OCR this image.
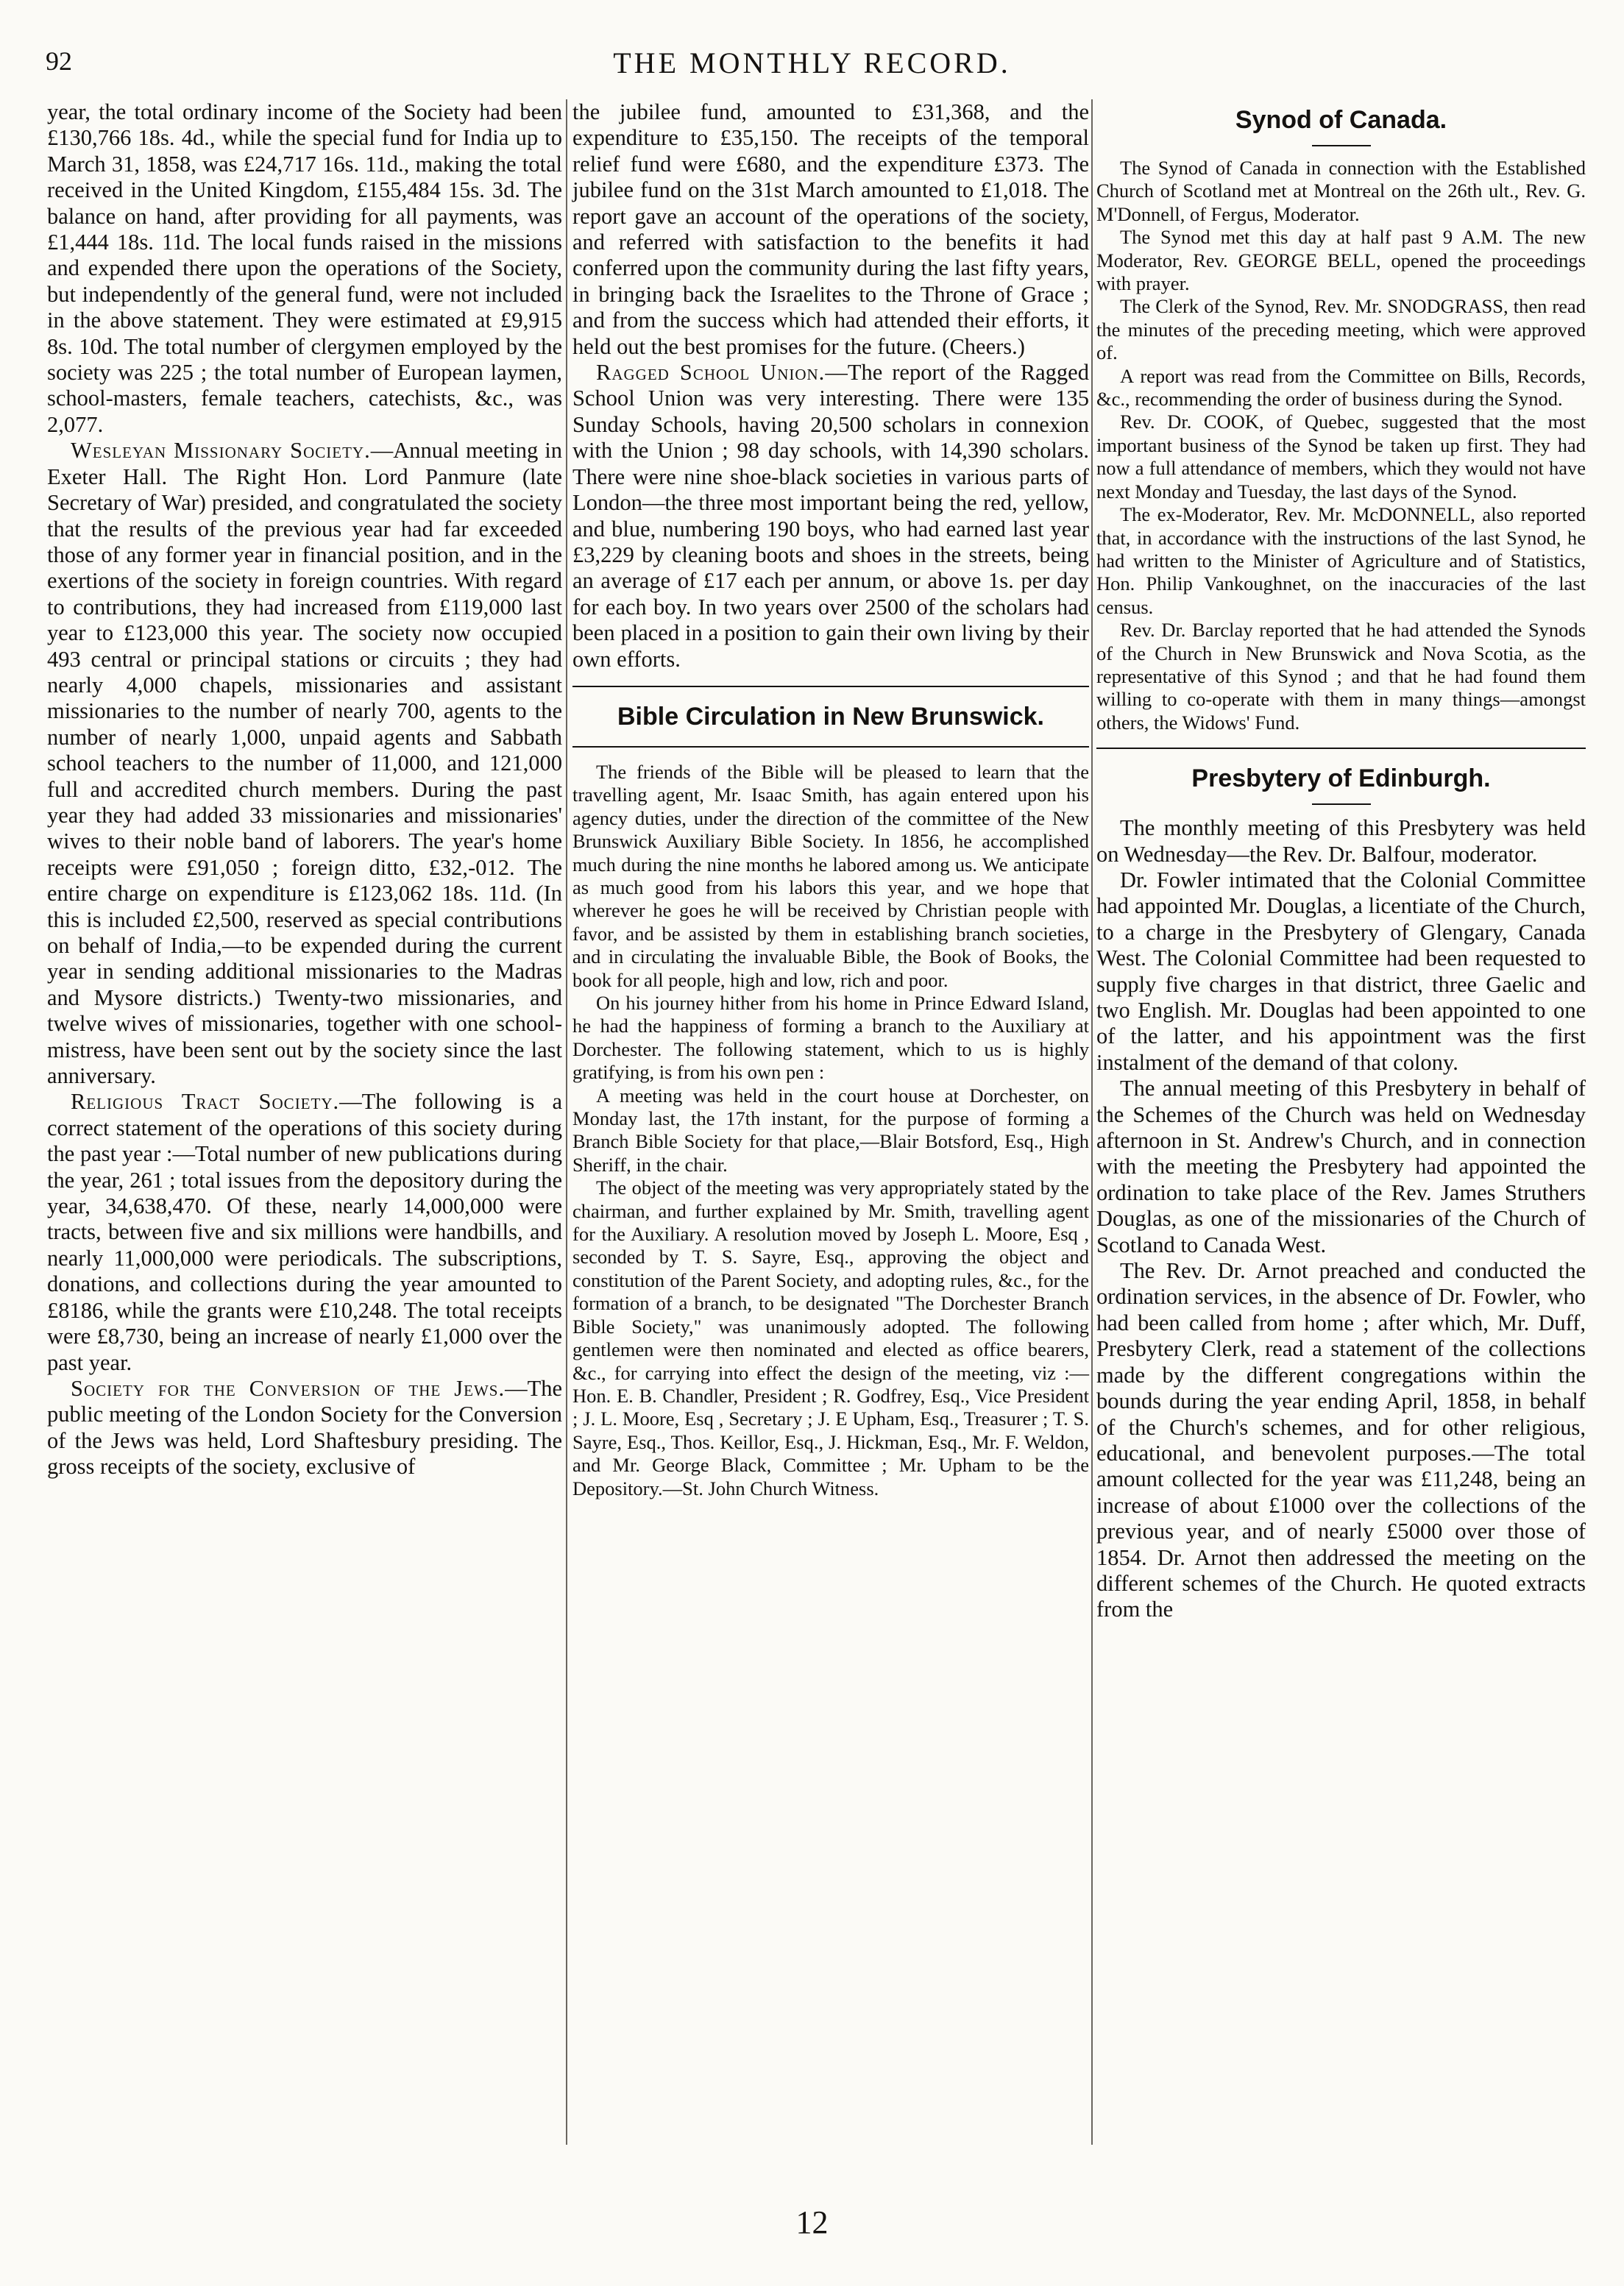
92	THE MONTHLY RECORD.

year, the total ordinary income of the Society had been £130,766 18s. 4d., while the special fund for India up to March 31, 1858, was £24,717 16s. 11d., making the total received in the United Kingdom, £155,484 15s. 3d. The balance on hand, after providing for all payments, was £1,444 18s. 11d. The local funds raised in the missions and expended there upon the operations of the Society, but independently of the general fund, were not included in the above statement. They were estimated at £9,915 8s. 10d. The total number of clergymen employed by the society was 225 ; the total number of European laymen, school-masters, female teachers, catechists, &c., was 2,077.

Wesleyan Missionary Society.—Annual meeting in Exeter Hall. The Right Hon. Lord Panmure (late Secretary of War) presided, and congratulated the society that the results of the previous year had far exceeded those of any former year in financial position, and in the exertions of the society in foreign countries. With regard to contributions, they had increased from £119,000 last year to £123,000 this year. The society now occupied 493 central or principal stations or circuits ; they had nearly 4,000 chapels, missionaries and assistant missionaries to the number of nearly 700, agents to the number of nearly 1,000, unpaid agents and Sabbath school teachers to the number of 11,000, and 121,000 full and accredited church members. During the past year they had added 33 missionaries and missionaries' wives to their noble band of laborers. The year's home receipts were £91,050 ; foreign ditto, £32,-012. The entire charge on expenditure is £123,062 18s. 11d. (In this is included £2,500, reserved as special contributions on behalf of India,—to be expended during the current year in sending additional missionaries to the Madras and Mysore districts.) Twenty-two missionaries, and twelve wives of missionaries, together with one school-mistress, have been sent out by the society since the last anniversary.

Religious Tract Society.—The following is a correct statement of the operations of this society during the past year :—Total number of new publications during the year, 261 ; total issues from the depository during the year, 34,638,470. Of these, nearly 14,000,000 were tracts, between five and six millions were handbills, and nearly 11,000,000 were periodicals. The subscriptions, donations, and collections during the year amounted to £8186, while the grants were £10,248. The total receipts were £8,730, being an increase of nearly £1,000 over the past year.

Society for the Conversion of the Jews.—The public meeting of the London Society for the Conversion of the Jews was held, Lord Shaftesbury presiding. The gross receipts of the society, exclusive of

the jubilee fund, amounted to £31,368, and the expenditure to £35,150. The receipts of the temporal relief fund were £680, and the expenditure £373. The jubilee fund on the 31st March amounted to £1,018. The report gave an account of the operations of the society, and referred with satisfaction to the benefits it had conferred upon the community during the last fifty years, in bringing back the Israelites to the Throne of Grace ; and from the success which had attended their efforts, it held out the best promises for the future. (Cheers.)

Ragged School Union.—The report of the Ragged School Union was very interesting. There were 135 Sunday Schools, having 20,500 scholars in connexion with the Union ; 98 day schools, with 14,390 scholars. There were nine shoe-black societies in various parts of London—the three most important being the red, yellow, and blue, numbering 190 boys, who had earned last year £3,229 by cleaning boots and shoes in the streets, being an average of £17 each per annum, or above 1s. per day for each boy. In two years over 2500 of the scholars had been placed in a position to gain their own living by their own efforts.

Bible Circulation in New Brunswick.

The friends of the Bible will be pleased to learn that the travelling agent, Mr. Isaac Smith, has again entered upon his agency duties, under the direction of the committee of the New Brunswick Auxiliary Bible Society. In 1856, he accomplished much during the nine months he labored among us. We anticipate as much good from his labors this year, and we hope that wherever he goes he will be received by Christian people with favor, and be assisted by them in establishing branch societies, and in circulating the invaluable Bible, the Book of Books, the book for all people, high and low, rich and poor.

On his journey hither from his home in Prince Edward Island, he had the happiness of forming a branch to the Auxiliary at Dorchester. The following statement, which to us is highly gratifying, is from his own pen :

A meeting was held in the court house at Dorchester, on Monday last, the 17th instant, for the purpose of forming a Branch Bible Society for that place,—Blair Botsford, Esq., High Sheriff, in the chair.

The object of the meeting was very appropriately stated by the chairman, and further explained by Mr. Smith, travelling agent for the Auxiliary. A resolution moved by Joseph L. Moore, Esq , seconded by T. S. Sayre, Esq., approving the object and constitution of the Parent Society, and adopting rules, &c., for the formation of a branch, to be designated "The Dorchester Branch Bible Society," was unanimously adopted. The following gentlemen were then nominated and elected as office bearers, &c., for carrying into effect the design of the meeting, viz :—Hon. E. B. Chandler, President ; R. Godfrey, Esq., Vice President ; J. L. Moore, Esq , Secretary ; J. E Upham, Esq., Treasurer ; T. S. Sayre, Esq., Thos. Keillor, Esq., J. Hickman, Esq., Mr. F. Weldon, and Mr. George Black, Committee ; Mr. Upham to be the Depository.—St. John Church Witness.

Synod of Canada.

The Synod of Canada in connection with the Established Church of Scotland met at Montreal on the 26th ult., Rev. G. M'Donnell, of Fergus, Moderator.

The Synod met this day at half past 9 A.M. The new Moderator, Rev. GEORGE BELL, opened the proceedings with prayer.

The Clerk of the Synod, Rev. Mr. SNODGRASS, then read the minutes of the preceding meeting, which were approved of.

A report was read from the Committee on Bills, Records, &c., recommending the order of business during the Synod.

Rev. Dr. COOK, of Quebec, suggested that the most important business of the Synod be taken up first. They had now a full attendance of members, which they would not have next Monday and Tuesday, the last days of the Synod.

The ex-Moderator, Rev. Mr. McDONNELL, also reported that, in accordance with the instructions of the last Synod, he had written to the Minister of Agriculture and of Statistics, Hon. Philip Vankoughnet, on the inaccuracies of the last census.

Rev. Dr. Barclay reported that he had attended the Synods of the Church in New Brunswick and Nova Scotia, as the representative of this Synod ; and that he had found them willing to co-operate with them in many things—amongst others, the Widows' Fund.

Presbytery of Edinburgh.

The monthly meeting of this Presbytery was held on Wednesday—the Rev. Dr. Balfour, moderator.

Dr. Fowler intimated that the Colonial Committee had appointed Mr. Douglas, a licentiate of the Church, to a charge in the Presbytery of Glengary, Canada West. The Colonial Committee had been requested to supply five charges in that district, three Gaelic and two English. Mr. Douglas had been appointed to one of the latter, and his appointment was the first instalment of the demand of that colony.

The annual meeting of this Presbytery in behalf of the Schemes of the Church was held on Wednesday afternoon in St. Andrew's Church, and in connection with the meeting the Presbytery had appointed the ordination to take place of the Rev. James Struthers Douglas, as one of the missionaries of the Church of Scotland to Canada West.

The Rev. Dr. Arnot preached and conducted the ordination services, in the absence of Dr. Fowler, who had been called from home ; after which, Mr. Duff, Presbytery Clerk, read a statement of the collections made by the different congregations within the bounds during the year ending April, 1858, in behalf of the Church's schemes, and for other religious, educational, and benevolent purposes.—The total amount collected for the year was £11,248, being an increase of about £1000 over the collections of the previous year, and of nearly £5000 over those of 1854. Dr. Arnot then addressed the meeting on the different schemes of the Church. He quoted extracts from the

12
